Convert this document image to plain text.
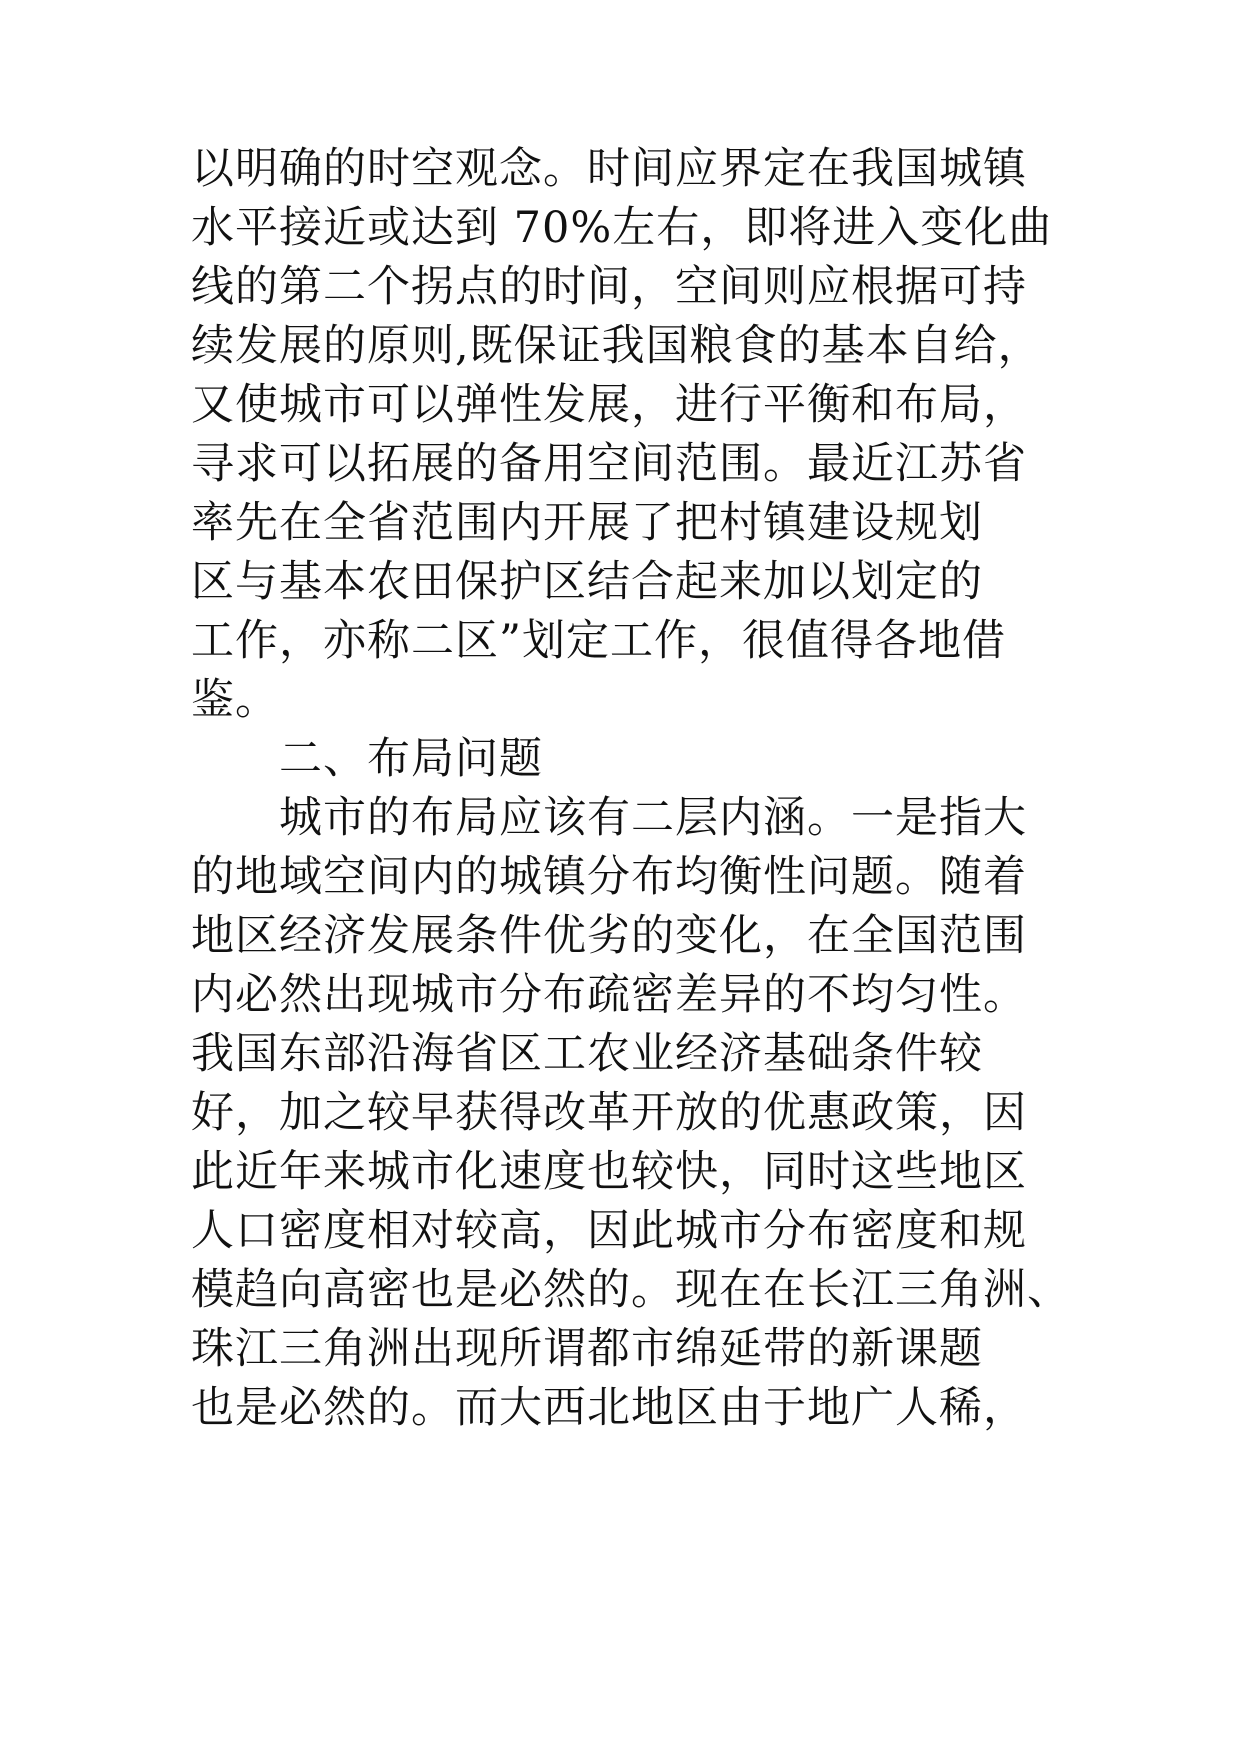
以明确的时空观念。时间应界定在我国城镇
水平接近或达到 70%左右，即将进入变化曲
线的第二个拐点的时间，空间则应根据可持
续发展的原则,既保证我国粮食的基本自给，
又使城市可以弹性发展，进行平衡和布局，
寻求可以拓展的备用空间范围。最近江苏省
率先在全省范围内开展了把村镇建设规划
区与基本农田保护区结合起来加以划定的
工作，亦称二区”划定工作，很值得各地借
鉴。
二、布局问题
城市的布局应该有二层内涵。一是指大
的地域空间内的城镇分布均衡性问题。随着
地区经济发展条件优劣的变化，在全国范围
内必然出现城市分布疏密差异的不均匀性。
我国东部沿海省区工农业经济基础条件较
好，加之较早获得改革开放的优惠政策，因
此近年来城市化速度也较快，同时这些地区
人口密度相对较高，因此城市分布密度和规
模趋向高密也是必然的。现在在长江三角洲、
珠江三角洲出现所谓都市绵延带的新课题
也是必然的。而大西北地区由于地广人稀，
